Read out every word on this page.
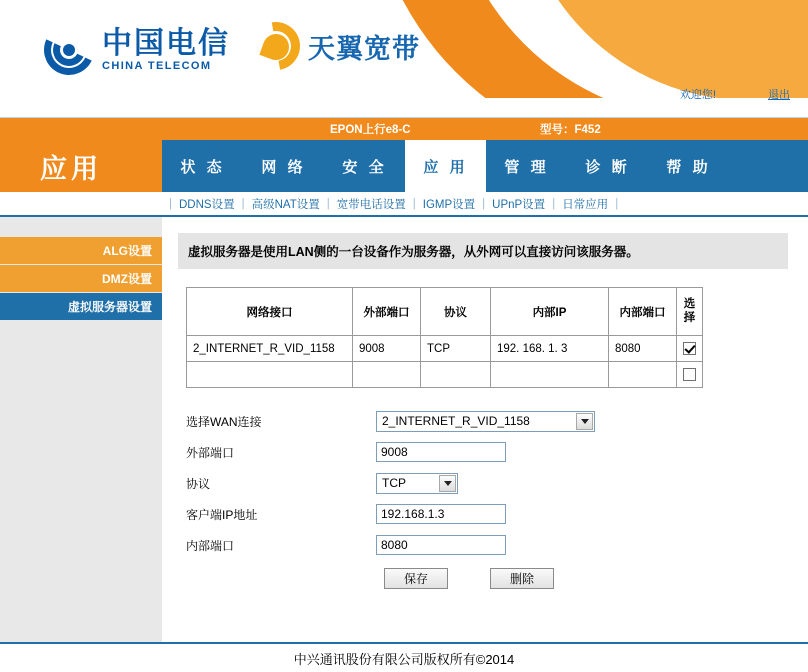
中国电信
CHINA TELECOM
天翼宽带
欢迎您!	退出
EPON上行e8-C	型号：F452
应用	状 态	网 络	安 全	应 用	管 理	诊 断	帮 助
| DDNS设置 | 高级NAT设置 | 宽带电话设置 | IGMP设置 | UPnP设置 | 日常应用 |
ALG设置
DMZ设置
虚拟服务器设置
虚拟服务器是使用LAN侧的一台设备作为服务器，从外网可以直接访问该服务器。
网络接口	外部端口	协议	内部IP	内部端口	选择
2_INTERNET_R_VID_1158	9008	TCP	192. 168. 1. 3	8080	

选择WAN连接	2_INTERNET_R_VID_1158
外部端口
9008
协议	TCP
客户端IP地址
192.168.1.3
内部端口
8080
保存	删除
中兴通讯股份有限公司版权所有©2014
